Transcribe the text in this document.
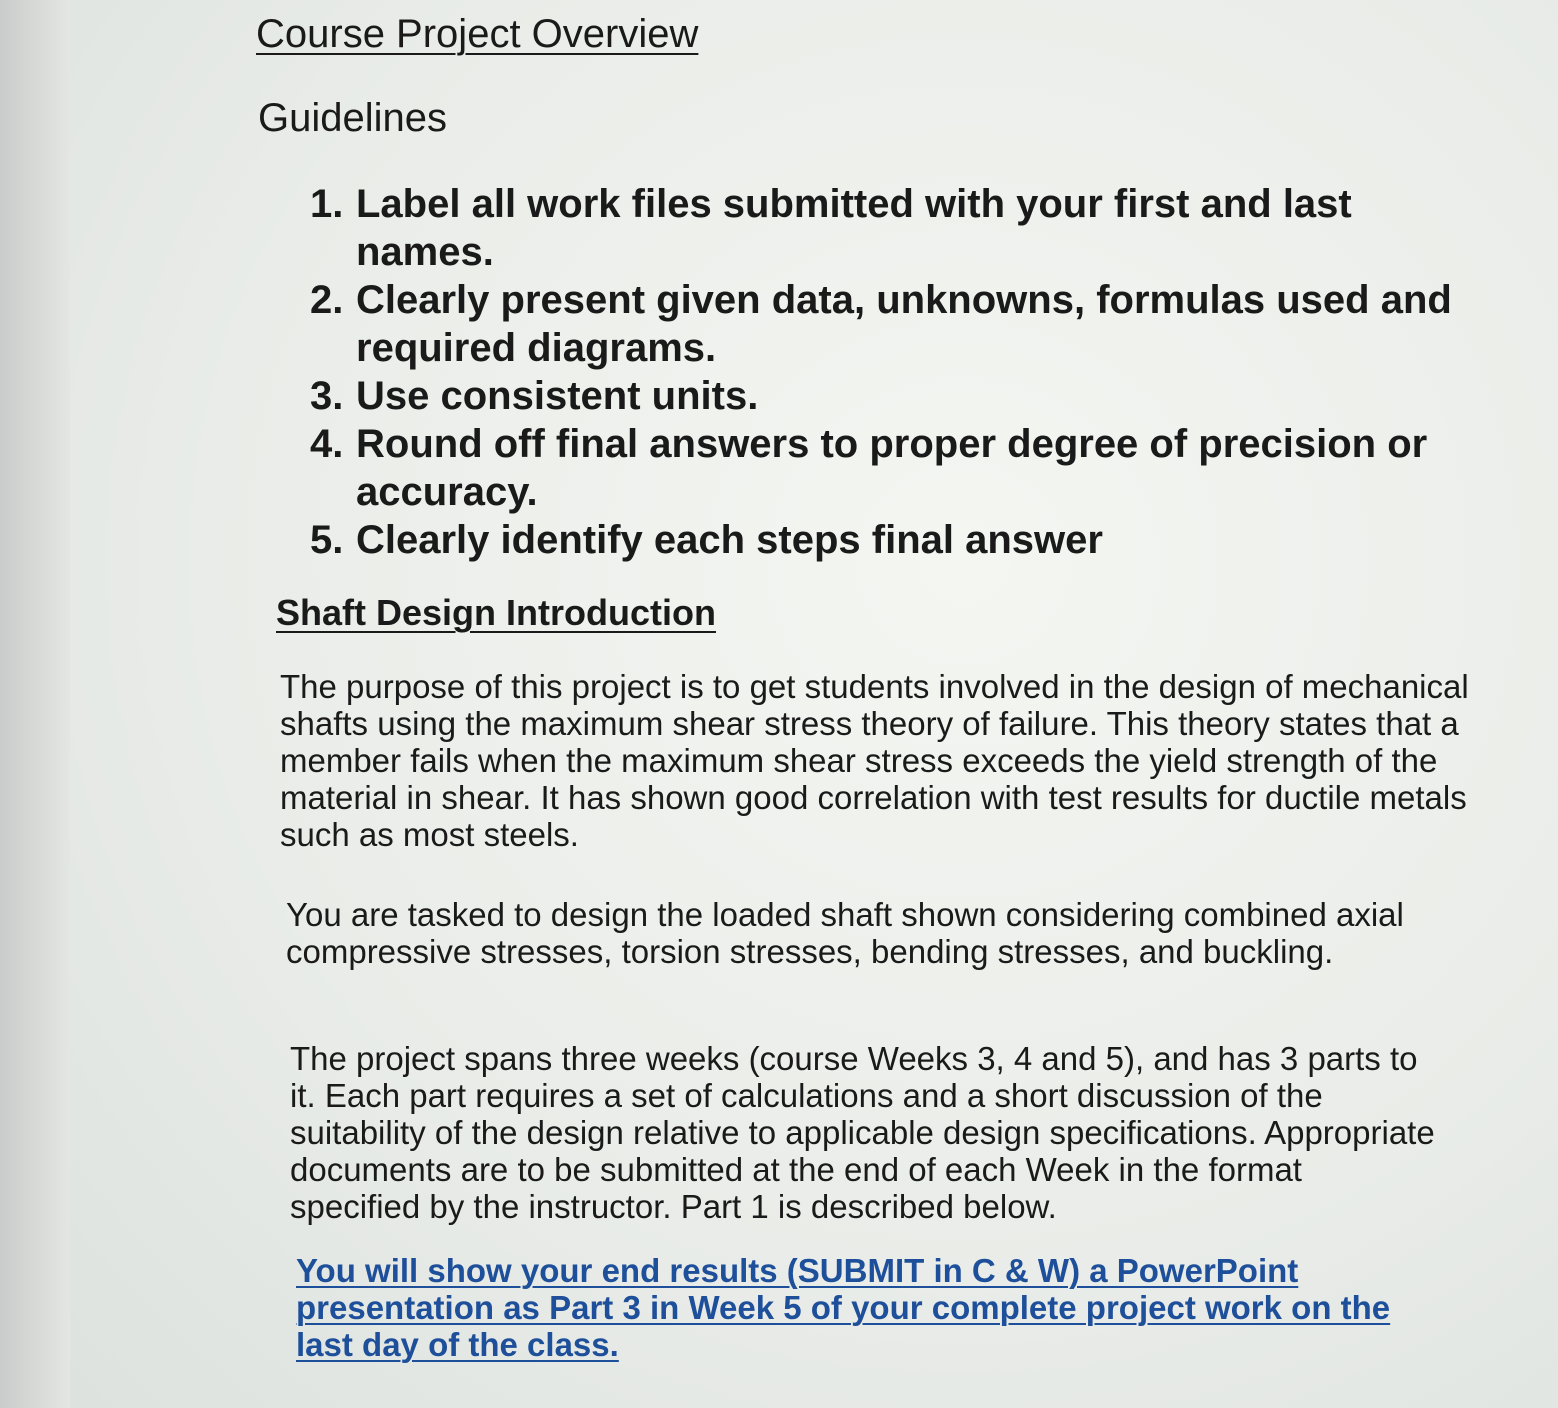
Course Project Overview
Guidelines
1. Label all work files submitted with your first and last names.
2. Clearly present given data, unknowns, formulas used and required diagrams.
3. Use consistent units.
4. Round off final answers to proper degree of precision or accuracy.
5. Clearly identify each steps final answer
Shaft Design Introduction

The purpose of this project is to get students involved in the design of mechanical shafts using the maximum shear stress theory of failure. This theory states that a member fails when the maximum shear stress exceeds the yield strength of the material in shear. It has shown good correlation with test results for ductile metals such as most steels.

You are tasked to design the loaded shaft shown considering combined axial compressive stresses, torsion stresses, bending stresses, and buckling.

The project spans three weeks (course Weeks 3, 4 and 5), and has 3 parts to it. Each part requires a set of calculations and a short discussion of the suitability of the design relative to applicable design specifications. Appropriate documents are to be submitted at the end of each Week in the format specified by the instructor. Part 1 is described below.

You will show your end results (SUBMIT in C & W) a PowerPoint presentation as Part 3 in Week 5 of your complete project work on the last day of the class.
